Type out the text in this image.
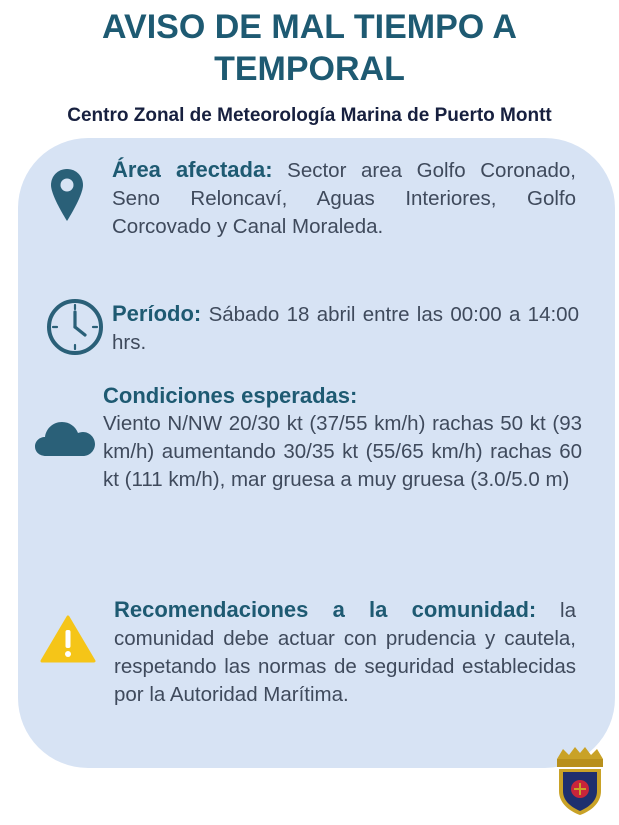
AVISO DE MAL TIEMPO A
TEMPORAL
Centro Zonal de Meteorología Marina de Puerto Montt
Área afectada: Sector area Golfo Coronado, Seno Reloncaví, Aguas Interiores, Golfo Corcovado y Canal Moraleda.
Período: Sábado 18 abril entre las 00:00 a 14:00 hrs.
Condiciones esperadas:
Viento N/NW 20/30 kt (37/55 km/h) rachas 50 kt (93 km/h) aumentando 30/35 kt (55/65 km/h) rachas 60 kt (111 km/h), mar gruesa a muy gruesa (3.0/5.0 m)
Recomendaciones a la comunidad: la comunidad debe actuar con prudencia y cautela, respetando las normas de seguridad establecidas por la Autoridad Marítima.
